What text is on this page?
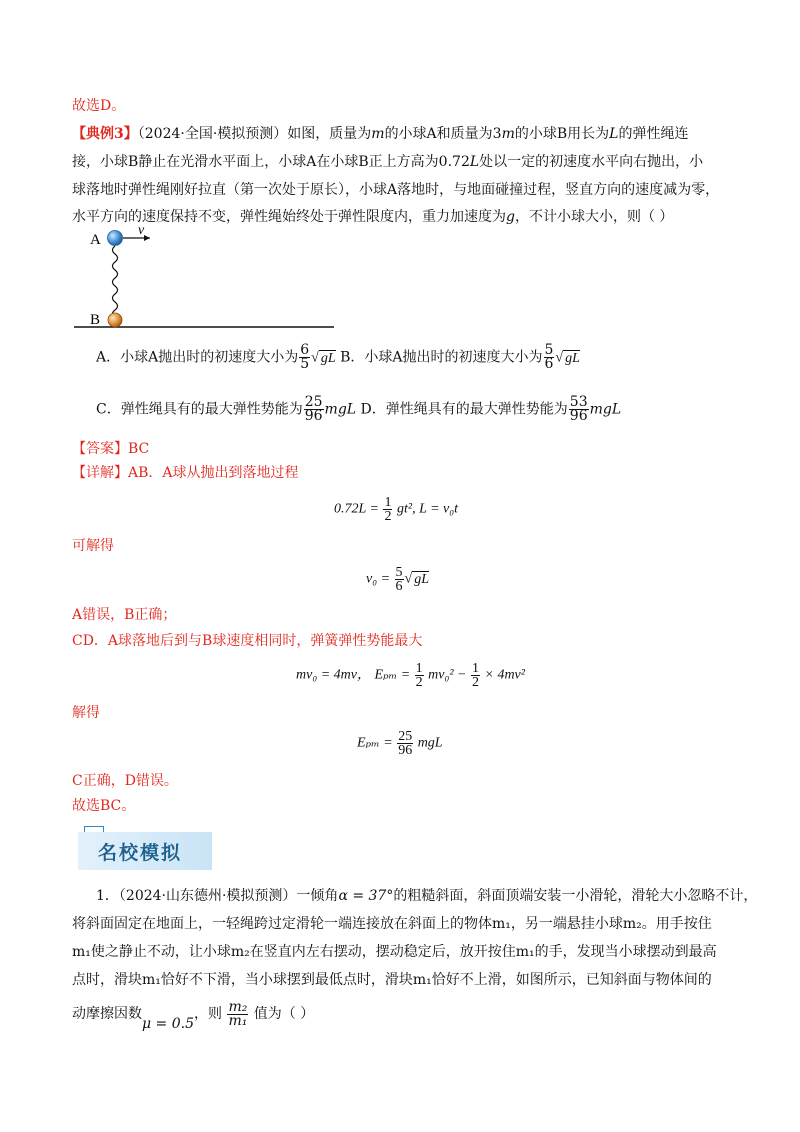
故选D。
【典例3】（2024·全国·模拟预测）如图，质量为m的小球A和质量为3m的小球B用长为L的弹性绳连
接，小球B静止在光滑水平面上，小球A在小球B正上方高为0.72L处以一定的初速度水平向右抛出，小
球落地时弹性绳刚好拉直（第一次处于原长），小球A落地时，与地面碰撞过程，竖直方向的速度减为零，
水平方向的速度保持不变，弹性绳始终处于弹性限度内，重力加速度为g，不计小球大小，则（ ）
A
B
v
A．小球A抛出时的初速度大小为 $\frac{6}{5}$ √ gL B．小球A抛出时的初速度大小为 $\frac{5}{6}$ √ gL
C．弹性绳具有的最大弹性势能为 $\frac{25}{96}$ mgL D．弹性绳具有的最大弹性势能为 $\frac{53}{96}$ mgL
【答案】BC
【详解】AB．A球从抛出到落地过程
$0.72L = \frac{1}{2} gt^2$, L = v₀t
可解得
$v_0 = \frac{5}{6}$ √ gL
A错误，B正确；
CD．A球落地后到与B球速度相同时，弹簧弹性势能最大
mv₀ = 4mv， $E_{pm} = \frac{1}{2} mv_0^2 - \frac{1}{2} \times 4mv^2$
解得
$E_{pm} = \frac{25}{96}$ mgL
C正确，D错误。
故选BC。
名校模拟
1．（2024·山东德州·模拟预测）一倾角α = 37°的粗糙斜面，斜面顶端安装一小滑轮，滑轮大小忽略不计，
将斜面固定在地面上，一轻绳跨过定滑轮一端连接放在斜面上的物体m₁，另一端悬挂小球m₂。用手按住
m₁使之静止不动，让小球m₂在竖直内左右摆动，摆动稳定后，放开按住m₁的手，发现当小球摆动到最高
点时，滑块m₁恰好不下滑，当小球摆到最低点时，滑块m₁恰好不上滑，如图所示，已知斜面与物体间的
动摩擦因数μ = 0.5，则 $\frac{\text{m₂}}{\text{m₁}}$ 值为（ ）
